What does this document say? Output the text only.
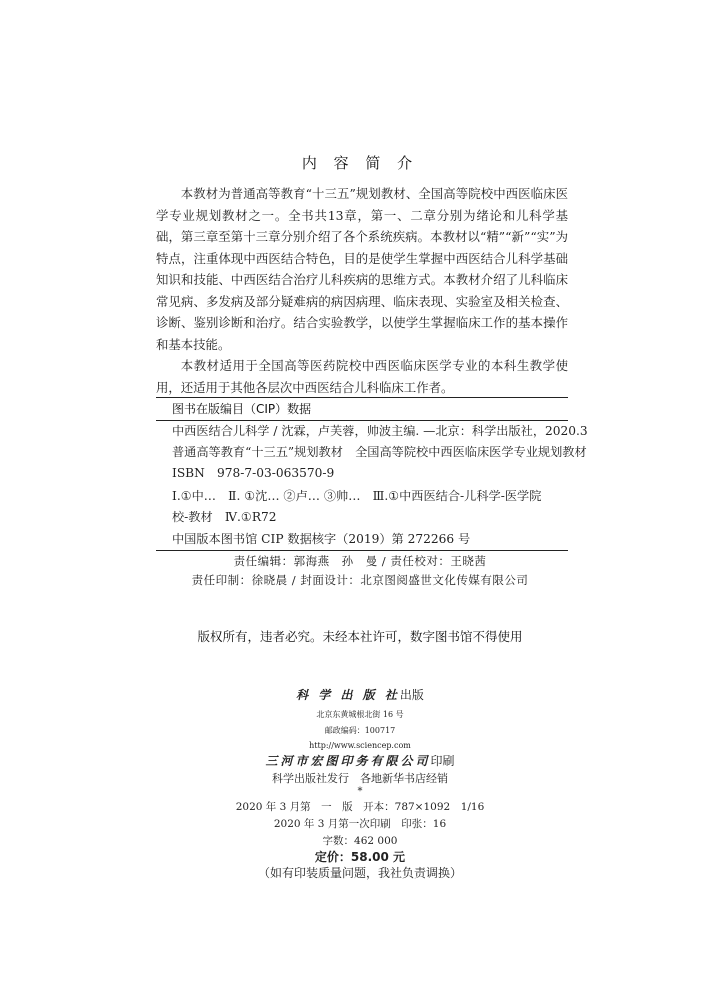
内 容 简 介

本教材为普通高等教育“十三五”规划教材、全国高等院校中西医临床医学专业规划教材之一。全书共13章，第一、二章分别为绪论和儿科学基础，第三章至第十三章分别介绍了各个系统疾病。本教材以“精”“新”“实”为特点，注重体现中西医结合特色，目的是使学生掌握中西医结合儿科学基础知识和技能、中西医结合治疗儿科疾病的思维方式。本教材介绍了儿科临床常见病、多发病及部分疑难病的病因病理、临床表现、实验室及相关检查、诊断、鉴别诊断和治疗。结合实验教学，以使学生掌握临床工作的基本操作和基本技能。

本教材适用于全国高等医药院校中西医临床医学专业的本科生教学使用，还适用于其他各层次中西医结合儿科临床工作者。

图书在版编目（CIP）数据
中西医结合儿科学 / 沈霖，卢芙蓉，帅波主编. —北京：科学出版社，2020.3
普通高等教育“十三五”规划教材　全国高等院校中西医临床医学专业规划教材
ISBN　978-7-03-063570-9
Ⅰ.①中…　Ⅱ. ①沈… ②卢… ③帅…　Ⅲ.①中西医结合-儿科学-医学院
校-教材　Ⅳ.①R72
中国版本图书馆 CIP 数据核字（2019）第 272266 号
责任编辑：郭海燕　孙　曼 / 责任校对：王晓茜
责任印制：徐晓晨 / 封面设计：北京图阅盛世文化传媒有限公司
版权所有，违者必究。未经本社许可，数字图书馆不得使用
科 学 出 版 社出版
北京东黄城根北街 16 号
邮政编码：100717
http://www.sciencep.com
三河市宏图印务有限公司印刷
科学出版社发行　各地新华书店经销
*
2020 年 3 月第　一　版　开本：787×1092　1/16
2020 年 3 月第一次印刷　印张：16
字数：462 000
定价：58.00 元
（如有印装质量问题，我社负责调换）
